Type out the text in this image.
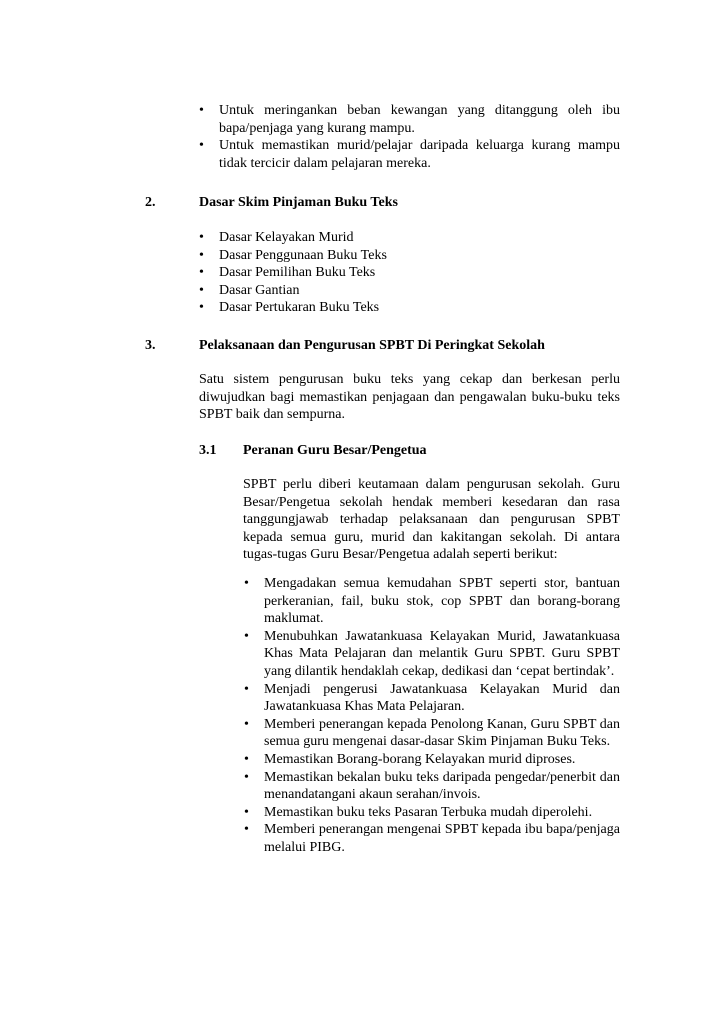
• Untuk meringankan beban kewangan yang ditanggung oleh ibu bapa/penjaga yang kurang mampu.
• Untuk memastikan murid/pelajar daripada keluarga kurang mampu tidak tercicir dalam pelajaran mereka.
2.	Dasar Skim Pinjaman Buku Teks
• Dasar Kelayakan Murid
• Dasar Penggunaan Buku Teks
• Dasar Pemilihan Buku Teks
• Dasar Gantian
• Dasar Pertukaran Buku Teks
3.	Pelaksanaan dan Pengurusan SPBT Di Peringkat Sekolah

Satu sistem pengurusan buku teks yang cekap dan berkesan perlu diwujudkan bagi memastikan penjagaan dan pengawalan buku-buku teks SPBT baik dan sempurna.

3.1 Peranan Guru Besar/Pengetua

SPBT perlu diberi keutamaan dalam pengurusan sekolah. Guru Besar/Pengetua sekolah hendak memberi kesedaran dan rasa tanggungjawab terhadap pelaksanaan dan pengurusan SPBT kepada semua guru, murid dan kakitangan sekolah. Di antara tugas-tugas Guru Besar/Pengetua adalah seperti berikut:

• Mengadakan semua kemudahan SPBT seperti stor, bantuan perkeranian, fail, buku stok, cop SPBT dan borang-borang maklumat.
• Menubuhkan Jawatankuasa Kelayakan Murid, Jawatankuasa Khas Mata Pelajaran dan melantik Guru SPBT. Guru SPBT yang dilantik hendaklah cekap, dedikasi dan ‘cepat bertindak’.
• Menjadi pengerusi Jawatankuasa Kelayakan Murid dan Jawatankuasa Khas Mata Pelajaran.
• Memberi penerangan kepada Penolong Kanan, Guru SPBT dan semua guru mengenai dasar-dasar Skim Pinjaman Buku Teks.
• Memastikan Borang-borang Kelayakan murid diproses.
• Memastikan bekalan buku teks daripada pengedar/penerbit dan menandatangani akaun serahan/invois.
• Memastikan buku teks Pasaran Terbuka mudah diperolehi.
• Memberi penerangan mengenai SPBT kepada ibu bapa/penjaga melalui PIBG.
